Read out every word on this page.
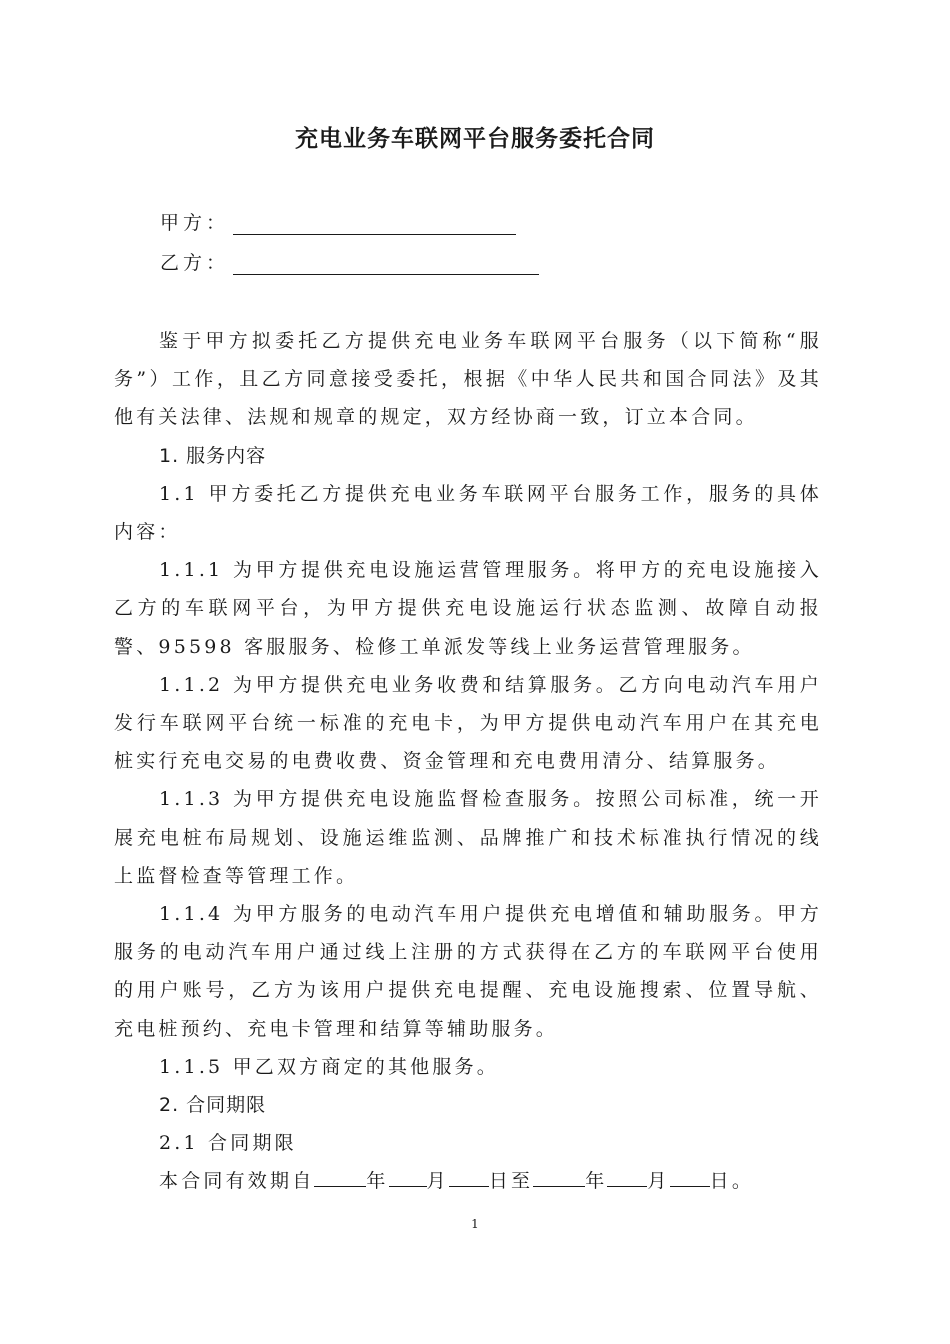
充电业务车联网平台服务委托合同
甲方：
乙方：

鉴于甲方拟委托乙方提供充电业务车联网平台服务（以下简称“服务”）工作，且乙方同意接受委托，根据《中华人民共和国合同法》及其他有关法律、法规和规章的规定，双方经协商一致，订立本合同。

1. 服务内容

1.1 甲方委托乙方提供充电业务车联网平台服务工作，服务的具体内容：

1.1.1 为甲方提供充电设施运营管理服务。将甲方的充电设施接入乙方的车联网平台，为甲方提供充电设施运行状态监测、故障自动报警、95598 客服服务、检修工单派发等线上业务运营管理服务。

1.1.2 为甲方提供充电业务收费和结算服务。乙方向电动汽车用户发行车联网平台统一标准的充电卡，为甲方提供电动汽车用户在其充电桩实行充电交易的电费收费、资金管理和充电费用清分、结算服务。

1.1.3 为甲方提供充电设施监督检查服务。按照公司标准，统一开展充电桩布局规划、设施运维监测、品牌推广和技术标准执行情况的线上监督检查等管理工作。

1.1.4 为甲方服务的电动汽车用户提供充电增值和辅助服务。甲方服务的电动汽车用户通过线上注册的方式获得在乙方的车联网平台使用的用户账号，乙方为该用户提供充电提醒、充电设施搜索、位置导航、充电桩预约、充电卡管理和结算等辅助服务。

1.1.5 甲乙双方商定的其他服务。

2. 合同期限

2.1 合同期限

本合同有效期自	年 月 日至	年 月 日。

1
